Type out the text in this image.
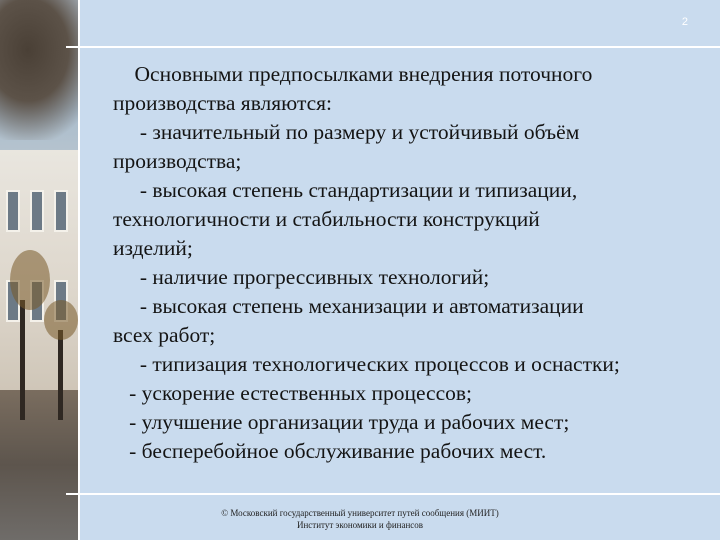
2

Основными предпосылками внедрения поточного

производства являются:

- значительный по размеру и устойчивый объём

производства;

- высокая степень стандартизации и типизации,

технологичности и стабильности конструкций

изделий;

- наличие прогрессивных технологий;

- высокая степень механизации и автоматизации

всех работ;

- типизация технологических процессов и оснастки;

- ускорение естественных процессов;

- улучшение организации труда и рабочих мест;

- бесперебойное обслуживание рабочих мест.

© Московский государственный университет путей сообщения (МИИТ)
Институт экономики и финансов
